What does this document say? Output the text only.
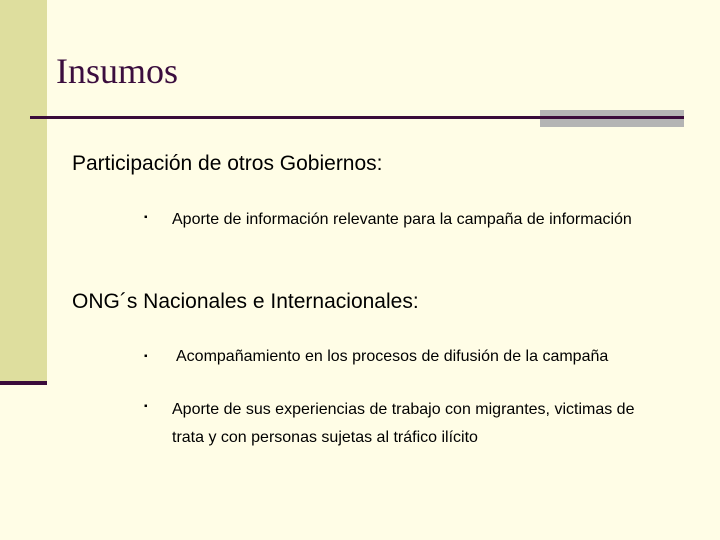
Insumos
Participación de otros Gobiernos:
▪ Aporte de información relevante para la campaña de información

ONG´s Nacionales e Internacionales:
▪ Acompañamiento en los procesos de difusión de la campaña

▪ Aporte de sus experiencias de trabajo con migrantes, victimas de trata y con personas sujetas al tráfico ilícito
